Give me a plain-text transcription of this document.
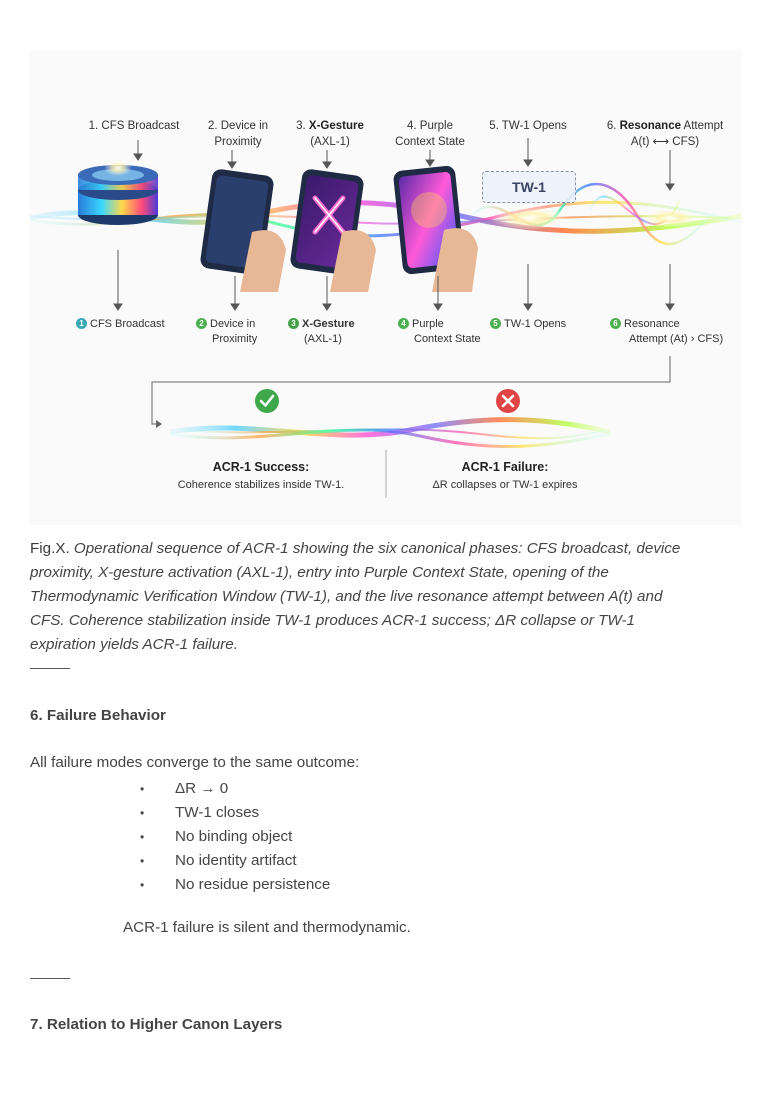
1. CFS Broadcast	2. Device in
Proximity
3. X-Gesture
(AXL-1)
4. Purple
Context State
5. TW-1 Opens	6. Resonance Attempt
A(t) ⟷ CFS)
TW-1
1 CFS Broadcast	2 Device in
Proximity
3 X-Gesture
(AXL-1)
4 Purple
Context State
5 TW-1 Opens	6 Resonance
Attempt (At) › CFS)
ACR-1 Success:
Coherence stabilizes inside TW-1.
ACR-1 Failure:
ΔR collapses or TW-1 expires
Fig.X. Operational sequence of ACR-1 showing the six canonical phases: CFS broadcast, device
proximity, X-gesture activation (AXL-1), entry into Purple Context State, opening of the
Thermodynamic Verification Window (TW-1), and the live resonance attempt between A(t) and
CFS. Coherence stabilization inside TW-1 produces ACR-1 success; ΔR collapse or TW-1
expiration yields ACR-1 failure.
6. Failure Behavior
All failure modes converge to the same outcome:
• ΔR → 0
• TW-1 closes
• No binding object
• No identity artifact
• No residue persistence
ACR-1 failure is silent and thermodynamic.
7. Relation to Higher Canon Layers
